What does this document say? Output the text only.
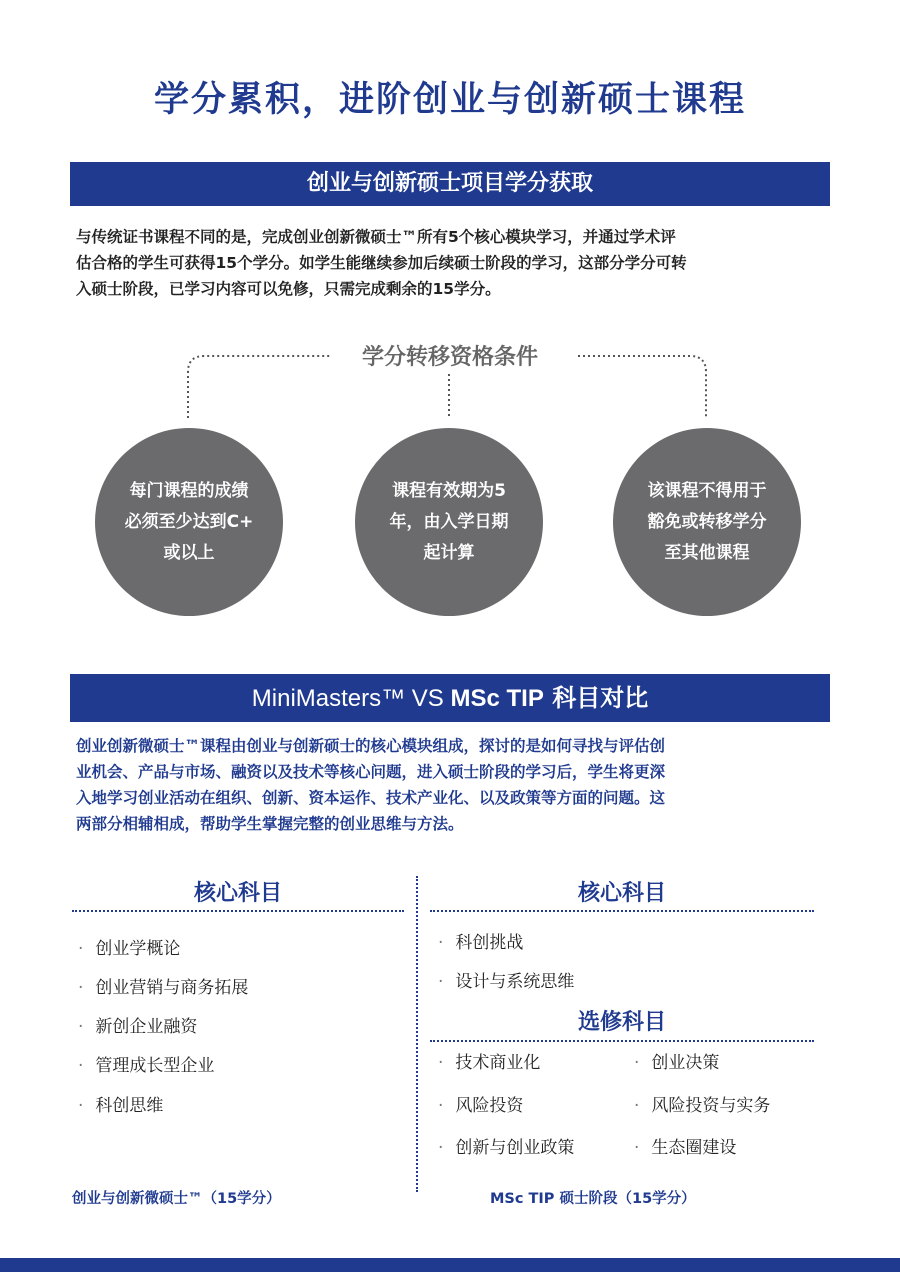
学分累积，进阶创业与创新硕士课程
创业与创新硕士项目学分获取
与传统证书课程不同的是，完成创业创新微硕士™所有5个核心模块学习，并通过学术评
估合格的学生可获得15个学分。如学生能继续参加后续硕士阶段的学习，这部分学分可转
入硕士阶段，已学习内容可以免修，只需完成剩余的15学分。
学分转移资格条件
每门课程的成绩
必须至少达到C+
或以上
课程有效期为5
年，由入学日期
起计算
该课程不得用于
豁免或转移学分
至其他课程
MiniMasters™ VS MSc TIP 科目对比
创业创新微硕士™课程由创业与创新硕士的核心模块组成，探讨的是如何寻找与评估创
业机会、产品与市场、融资以及技术等核心问题，进入硕士阶段的学习后，学生将更深
入地学习创业活动在组织、创新、资本运作、技术产业化、以及政策等方面的问题。这
两部分相辅相成，帮助学生掌握完整的创业思维与方法。
核心科目
· 创业学概论
· 创业营销与商务拓展
· 新创企业融资
· 管理成长型企业
· 科创思维
创业与创新微硕士™（15学分）
核心科目
· 科创挑战
· 设计与系统思维
选修科目
· 技术商业化
· 风险投资
· 创新与创业政策
· 创业决策
· 风险投资与实务
· 生态圈建设
MSc TIP 硕士阶段（15学分）
